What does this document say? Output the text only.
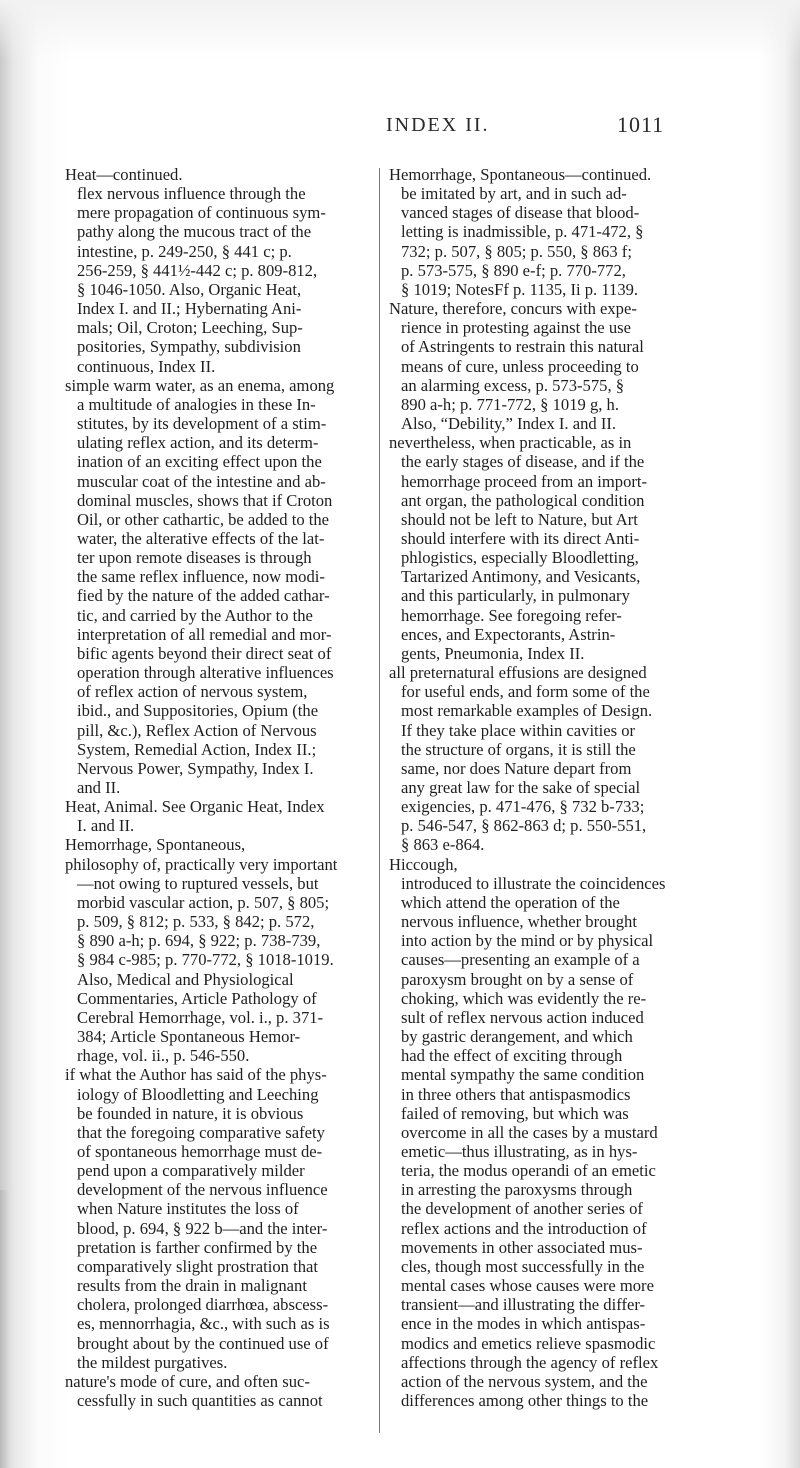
INDEX II.	1011
Heat—continued.
flex nervous influence through the
mere propagation of continuous sym-
pathy along the mucous tract of the
intestine, p. 249-250, § 441 c; p.
256-259, § 441½-442 c; p. 809-812,
§ 1046-1050. Also, Organic Heat,
Index I. and II.; Hybernating Ani-
mals; Oil, Croton; Leeching, Sup-
positories, Sympathy, subdivision
continuous, Index II.
simple warm water, as an enema, among
a multitude of analogies in these In-
stitutes, by its development of a stim-
ulating reflex action, and its determ-
ination of an exciting effect upon the
muscular coat of the intestine and ab-
dominal muscles, shows that if Croton
Oil, or other cathartic, be added to the
water, the alterative effects of the lat-
ter upon remote diseases is through
the same reflex influence, now modi-
fied by the nature of the added cathar-
tic, and carried by the Author to the
interpretation of all remedial and mor-
bific agents beyond their direct seat of
operation through alterative influences
of reflex action of nervous system,
ibid., and Suppositories, Opium (the
pill, &c.), Reflex Action of Nervous
System, Remedial Action, Index II.;
Nervous Power, Sympathy, Index I.
and II.
Heat, Animal. See Organic Heat, Index
I. and II.
Hemorrhage, Spontaneous,
philosophy of, practically very important
—not owing to ruptured vessels, but
morbid vascular action, p. 507, § 805;
p. 509, § 812; p. 533, § 842; p. 572,
§ 890 a-h; p. 694, § 922; p. 738-739,
§ 984 c-985; p. 770-772, § 1018-1019.
Also, Medical and Physiological
Commentaries, Article Pathology of
Cerebral Hemorrhage, vol. i., p. 371-
384; Article Spontaneous Hemor-
rhage, vol. ii., p. 546-550.
if what the Author has said of the phys-
iology of Bloodletting and Leeching
be founded in nature, it is obvious
that the foregoing comparative safety
of spontaneous hemorrhage must de-
pend upon a comparatively milder
development of the nervous influence
when Nature institutes the loss of
blood, p. 694, § 922 b—and the inter-
pretation is farther confirmed by the
comparatively slight prostration that
results from the drain in malignant
cholera, prolonged diarrhœa, abscess-
es, mennorrhagia, &c., with such as is
brought about by the continued use of
the mildest purgatives.
nature's mode of cure, and often suc-
cessfully in such quantities as cannot
Hemorrhage, Spontaneous—continued.
be imitated by art, and in such ad-
vanced stages of disease that blood-
letting is inadmissible, p. 471-472, §
732; p. 507, § 805; p. 550, § 863 f;
p. 573-575, § 890 e-f; p. 770-772,
§ 1019; NotesFf p. 1135, Ii p. 1139.
Nature, therefore, concurs with expe-
rience in protesting against the use
of Astringents to restrain this natural
means of cure, unless proceeding to
an alarming excess, p. 573-575, §
890 a-h; p. 771-772, § 1019 g, h.
Also, “Debility,” Index I. and II.
nevertheless, when practicable, as in
the early stages of disease, and if the
hemorrhage proceed from an import-
ant organ, the pathological condition
should not be left to Nature, but Art
should interfere with its direct Anti-
phlogistics, especially Bloodletting,
Tartarized Antimony, and Vesicants,
and this particularly, in pulmonary
hemorrhage. See foregoing refer-
ences, and Expectorants, Astrin-
gents, Pneumonia, Index II.
all preternatural effusions are designed
for useful ends, and form some of the
most remarkable examples of Design.
If they take place within cavities or
the structure of organs, it is still the
same, nor does Nature depart from
any great law for the sake of special
exigencies, p. 471-476, § 732 b-733;
p. 546-547, § 862-863 d; p. 550-551,
§ 863 e-864.
Hiccough,
introduced to illustrate the coincidences
which attend the operation of the
nervous influence, whether brought
into action by the mind or by physical
causes—presenting an example of a
paroxysm brought on by a sense of
choking, which was evidently the re-
sult of reflex nervous action induced
by gastric derangement, and which
had the effect of exciting through
mental sympathy the same condition
in three others that antispasmodics
failed of removing, but which was
overcome in all the cases by a mustard
emetic—thus illustrating, as in hys-
teria, the modus operandi of an emetic
in arresting the paroxysms through
the development of another series of
reflex actions and the introduction of
movements in other associated mus-
cles, though most successfully in the
mental cases whose causes were more
transient—and illustrating the differ-
ence in the modes in which antispas-
modics and emetics relieve spasmodic
affections through the agency of reflex
action of the nervous system, and the
differences among other things to the
